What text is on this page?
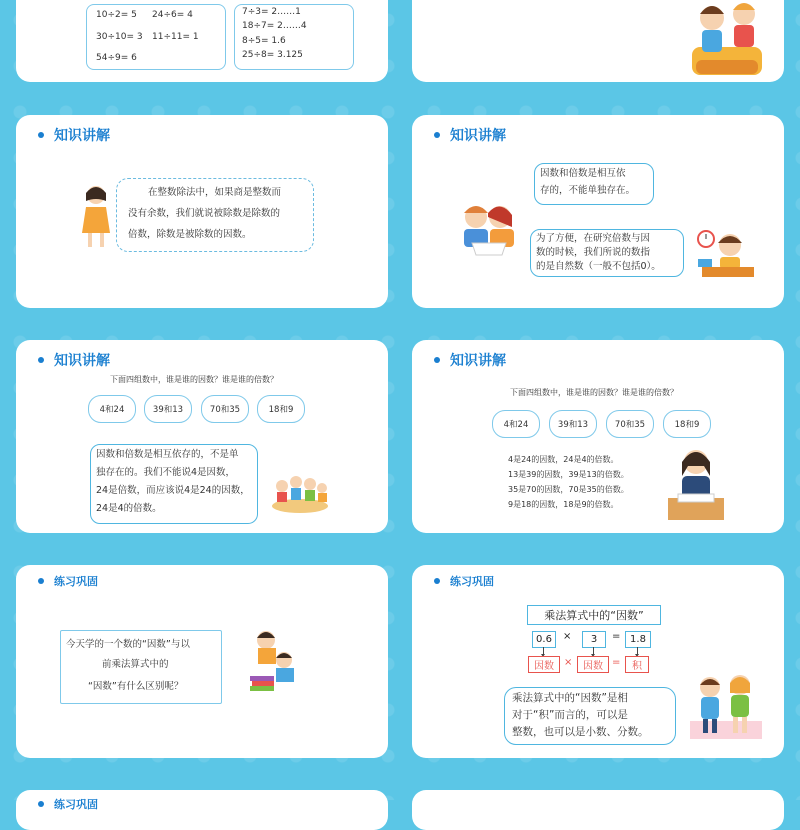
10÷2= 5 24÷6= 4
30÷10= 3 11÷11= 1
54÷9= 6
7÷3= 2……1
18÷7= 2……4
8÷5= 1.6
25÷8= 3.125
知识讲解
在整数除法中，如果商是整数而
没有余数，我们就说被除数是除数的
倍数，除数是被除数的因数。
知识讲解
因数和倍数是相互依
存的，不能单独存在。
为了方便，在研究倍数与因
数的时候，我们所说的数指
的是自然数（一般不包括0）。
知识讲解
下面四组数中，谁是谁的因数？谁是谁的倍数？
4和24	39和13	70和35	18和9
因数和倍数是相互依存的，不是单
独存在的。我们不能说4是因数，
24是倍数，而应该说4是24的因数，
24是4的倍数。
知识讲解
下面四组数中，谁是谁的因数？谁是谁的倍数？
4和24	39和13	70和35	18和9
4是24的因数，24是4的倍数。
13是39的因数，39是13的倍数。
35是70的因数，70是35的倍数。
9是18的因数，18是9的倍数。
练习巩固
今天学的一个数的“因数”与以
前乘法算式中的
“因数”有什么区别呢？
练习巩固
乘法算式中的“因数”
0.6	×	3	= 1.8
因数	×	因数 =	积
乘法算式中的“因数”是相
对于“积”而言的，可以是
整数，也可以是小数、分数。
练习巩固
